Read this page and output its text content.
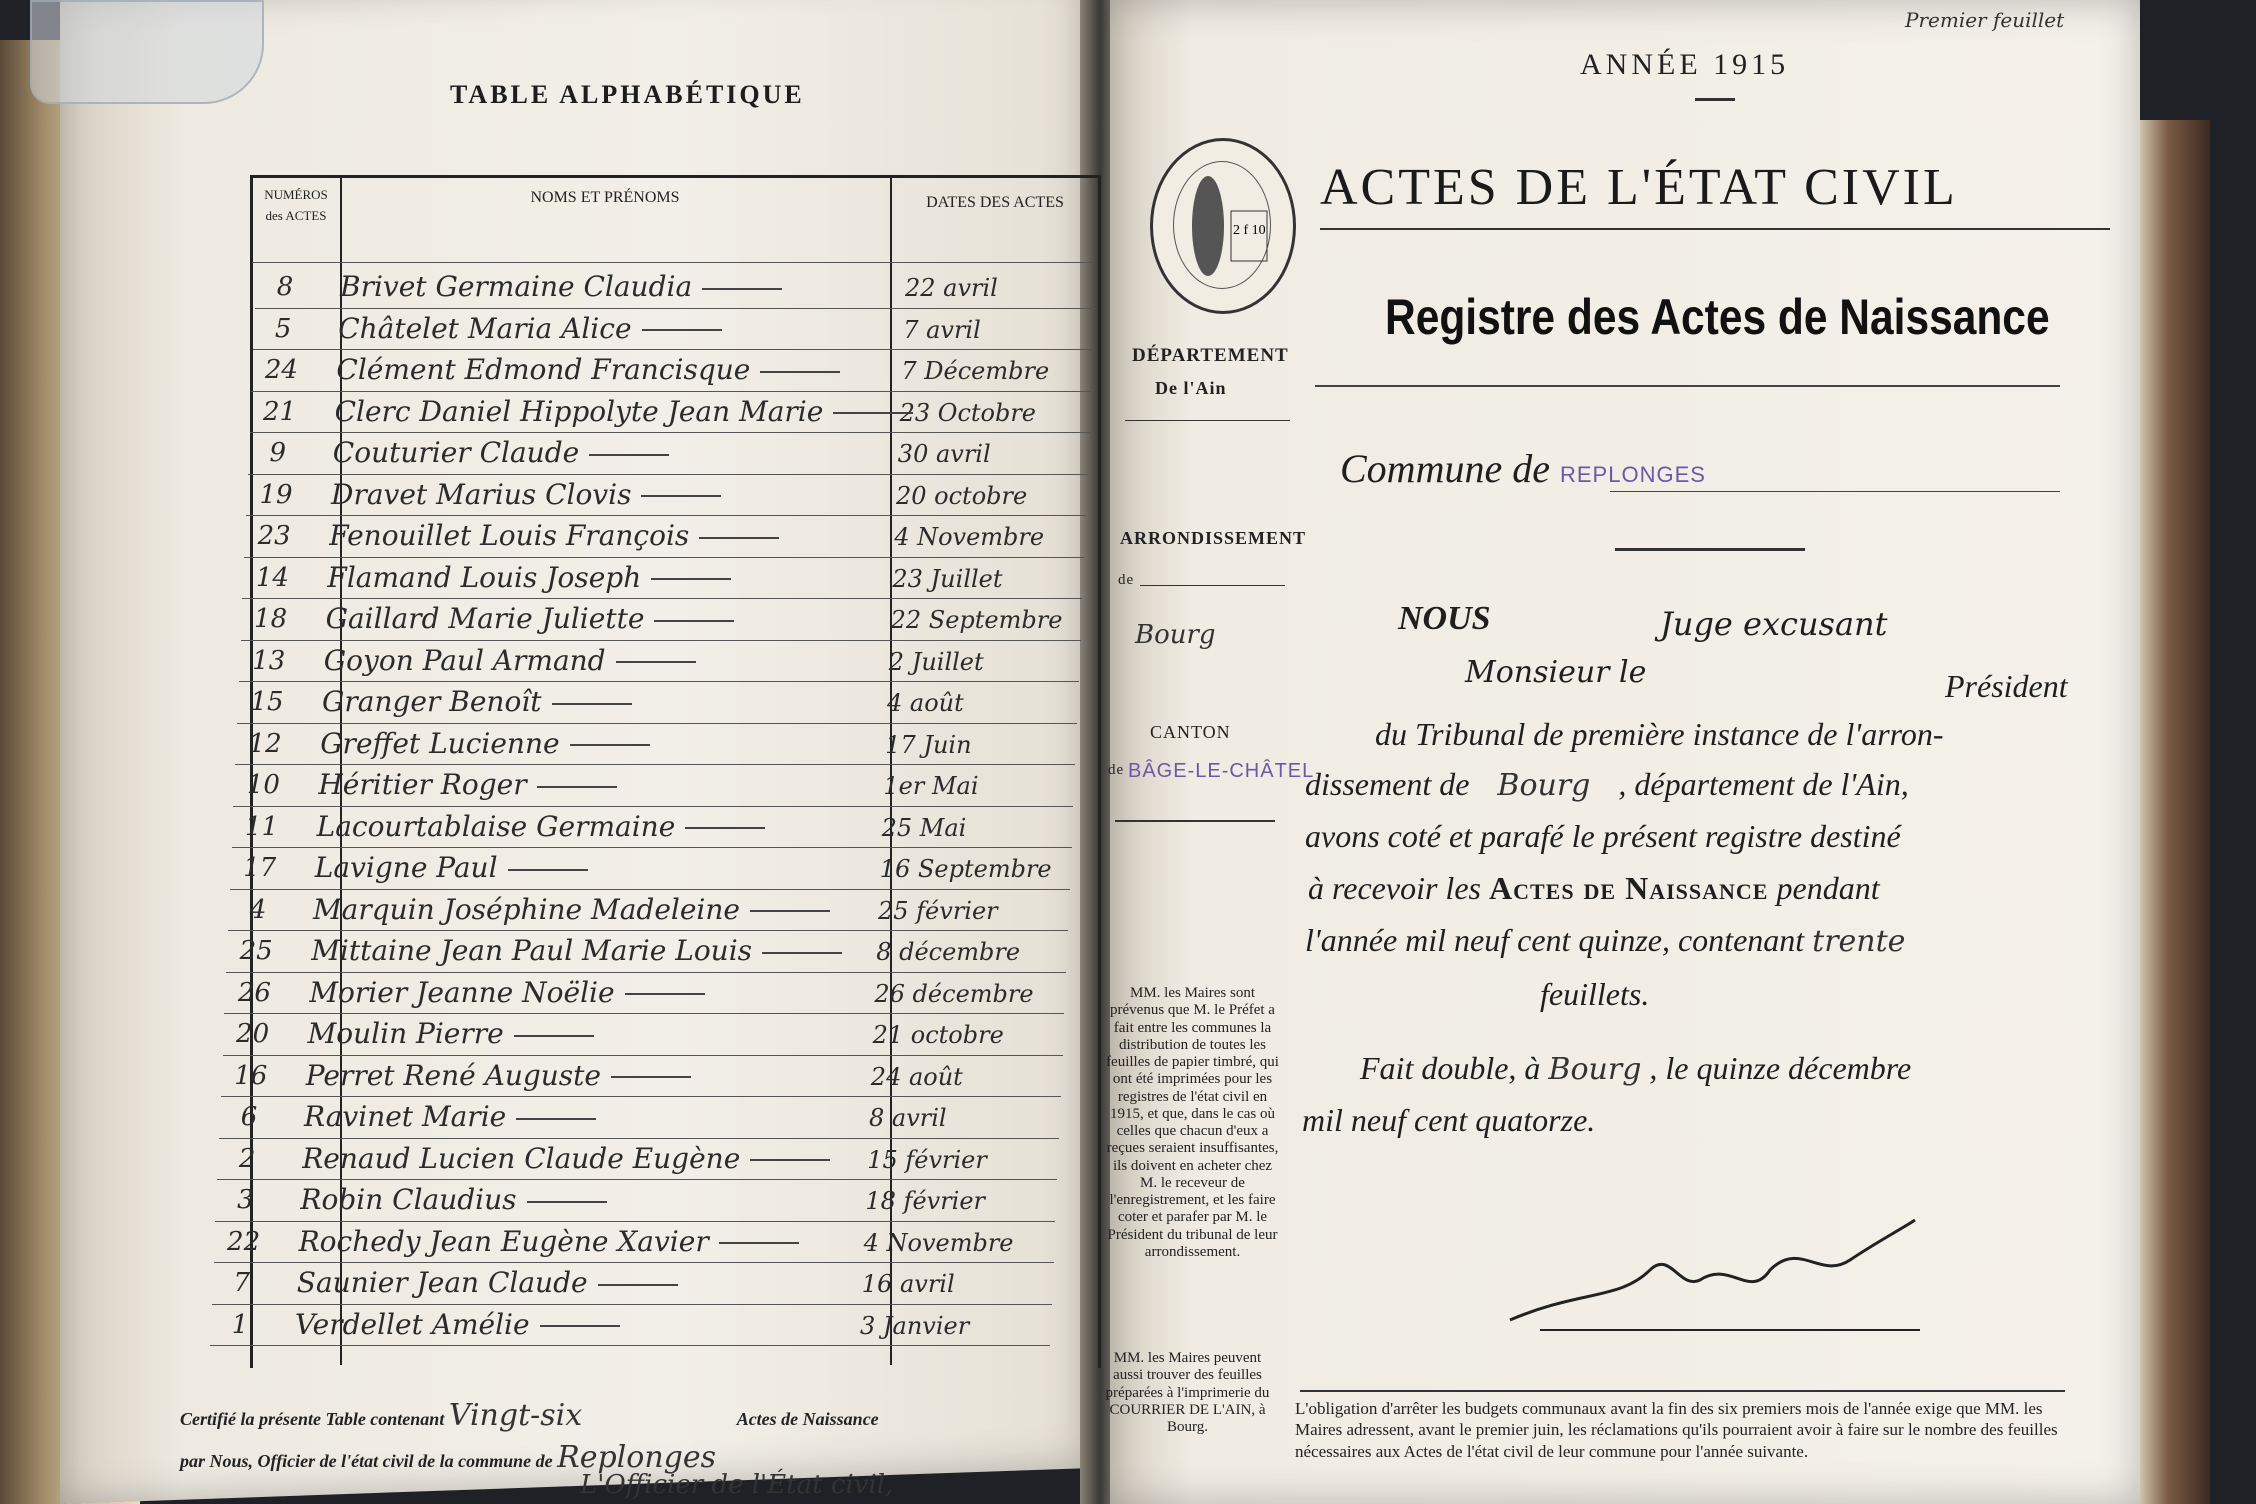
TABLE ALPHABÉTIQUE
NUMÉROS des ACTES
NOMS ET PRÉNOMS	DATES DES ACTES
8	Brivet Germaine Claudia	22 avril
5	Châtelet Maria Alice	7 avril
24	Clément Edmond Francisque	7 Décembre
21	Clerc Daniel Hippolyte Jean Marie	23 Octobre
9	Couturier Claude	30 avril
19	Dravet Marius Clovis	20 octobre
23	Fenouillet Louis François	4 Novembre
14	Flamand Louis Joseph	23 Juillet
18	Gaillard Marie Juliette	22 Septembre
13	Goyon Paul Armand	2 Juillet
15	Granger Benoît	4 août
12	Greffet Lucienne	17 Juin
10	Héritier Roger	1er Mai
11	Lacourtablaise Germaine	25 Mai
17	Lavigne Paul	16 Septembre
4	Marquin Joséphine Madeleine	25 février
25	Mittaine Jean Paul Marie Louis	8 décembre
26	Morier Jeanne Noëlie	26 décembre
20	Moulin Pierre	21 octobre
16	Perret René Auguste	24 août
6	Ravinet Marie	8 avril
2	Renaud Lucien Claude Eugène	15 février
3	Robin Claudius	18 février
22	Rochedy Jean Eugène Xavier	4 Novembre
7	Saunier Jean Claude	16 avril
1	Verdellet Amélie	3 Janvier
Certifié la présente Table contenant Vingt-six	Actes de Naissance
par Nous, Officier de l'état civil de la commune de Replonges
L'Officier de l'État civil,
Premier feuillet
ANNÉE 1915
ACTES DE L'ÉTAT CIVIL
2 f 10
Registre des Actes de Naissance
DÉPARTEMENT
De l'Ain
ARRONDISSEMENT
de
Bourg
CANTON
de BÂGE-LE-CHÂTEL
MM. les Maires sont prévenus que M. le Préfet a fait entre les communes la distribution de toutes les feuilles de papier timbré, qui ont été imprimées pour les registres de l'état civil en 1915, et que, dans le cas où celles que chacun d'eux a reçues seraient insuffisantes, ils doivent en acheter chez M. le receveur de l'enregistrement, et les faire coter et parafer par M. le Président du tribunal de leur arrondissement.
MM. les Maires peuvent aussi trouver des feuilles préparées à l'imprimerie du COURRIER DE L'AIN, à Bourg.
Commune de REPLONGES
NOUS	Juge excusant
Monsieur le	Président
du Tribunal de première instance de l'arron-
dissement de Bourg , département de l'Ain,
avons coté et parafé le présent registre destiné
à recevoir les Actes de Naissance pendant
l'année mil neuf cent quinze, contenant trente
feuillets.
Fait double, à Bourg , le quinze décembre
mil neuf cent quatorze.
L'obligation d'arrêter les budgets communaux avant la fin des six premiers mois de l'année exige que MM. les Maires adressent, avant le premier juin, les réclamations qu'ils pourraient avoir à faire sur le nombre des feuilles nécessaires aux Actes de l'état civil de leur commune pour l'année suivante.
